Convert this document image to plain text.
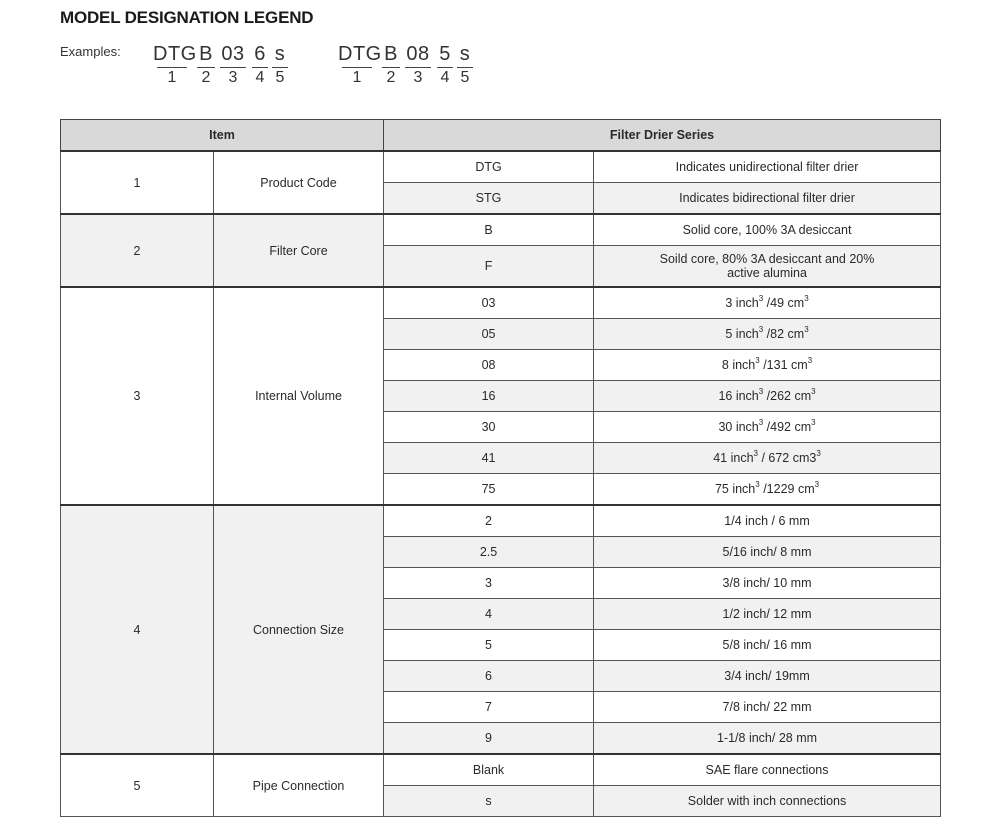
MODEL DESIGNATION LEGEND
Examples: DTG
1
B
2
03
3
6
4
s
5
DTG
1
B
2
08
3
5
4
s
5
Item		Filter Drier Series	
1	Product Code	DTG	Indicates unidirectional filter drier
		STG	Indicates bidirectional filter drier
2	Filter Core	B	Solid core, 100% 3A desiccant
		F	Soild core, 80% 3A desiccant and 20% active alumina
3	Internal Volume	03	3 inch$^3$ /49 $cm^3$
		05	5 inch$^3$ /82 $cm^3$
		08	8 inch$^3$ /131 $cm^3$
		16	16 inch$^3$ /262 $cm^3$
		30	30 inch$^3$ /492 $cm^3$
		41	41 inch$^3$ / 672 $cm3^3$
		75	75 inch$^3$ /1229 $cm^3$
4	Connection Size	2	1/4 inch / 6 mm
		2.5	5/16 inch/ 8 mm
		3	3/8 inch/ 10 mm
		4	1/2 inch/ 12 mm
		5	5/8 inch/ 16 mm
		6	3/4 inch/ 19mm
		7	7/8 inch/ 22 mm
		9	1-1/8 inch/ 28 mm
5	Pipe Connection	Blank	SAE flare connections
		s	Solder with inch connections
